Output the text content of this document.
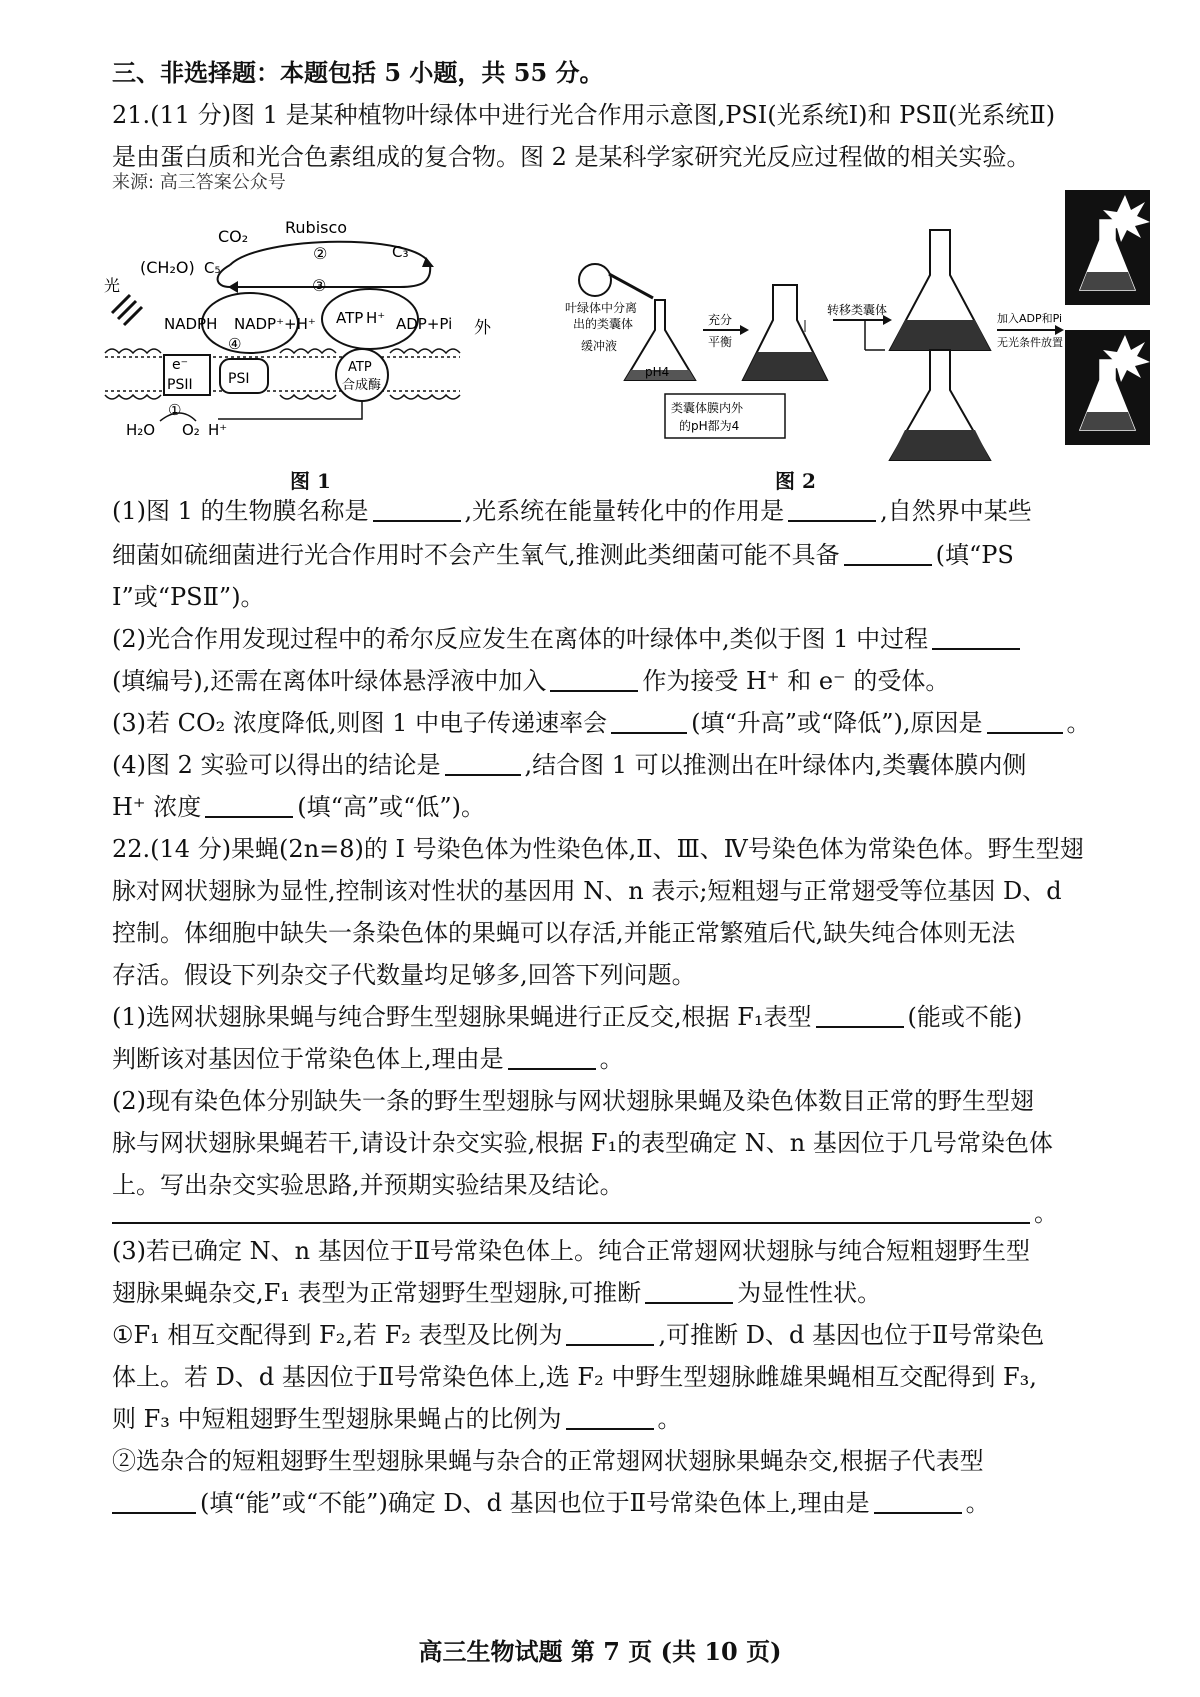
三、非选择题：本题包括 5 小题，共 55 分。
21.(11 分)图 1 是某种植物叶绿体中进行光合作用示意图,PSI(光系统Ⅰ)和 PSⅡ(光系统Ⅱ)
是由蛋白质和光合色素组成的复合物。图 2 是某科学家研究光反应过程做的相关实验。
来源: 高三答案公众号
CO₂ Rubisco
②
(CH₂O) C₅
C₃
③
光
NADPH NADP⁺+H⁺ ATP H⁺ ADP+Pi 外
④
e⁻
PSII	PSI
ATP
合成酶
H₂O O₂ H⁺
①
图 1
叶绿体中分离
出的类囊体
缓冲液
pH4
充分
平衡
转移类囊体
类囊体膜内外
的pH都为4
加入ADP和Pi
无光条件放置
图 2
(1)图 1 的生物膜名称是	,光系统在能量转化中的作用是	,自然界中某些
细菌如硫细菌进行光合作用时不会产生氧气,推测此类细菌可能不具备	(填“PS
Ⅰ”或“PSⅡ”)。
(2)光合作用发现过程中的希尔反应发生在离体的叶绿体中,类似于图 1 中过程
(填编号),还需在离体叶绿体悬浮液中加入	作为接受 H⁺ 和 e⁻ 的受体。
(3)若 CO₂ 浓度降低,则图 1 中电子传递速率会	(填“升高”或“降低”),原因是	。
(4)图 2 实验可以得出的结论是	,结合图 1 可以推测出在叶绿体内,类囊体膜内侧
H⁺ 浓度	(填“高”或“低”)。
22.(14 分)果蝇(2n=8)的 Ⅰ 号染色体为性染色体,Ⅱ、Ⅲ、Ⅳ号染色体为常染色体。野生型翅
脉对网状翅脉为显性,控制该对性状的基因用 N、n 表示;短粗翅与正常翅受等位基因 D、d
控制。体细胞中缺失一条染色体的果蝇可以存活,并能正常繁殖后代,缺失纯合体则无法
存活。假设下列杂交子代数量均足够多,回答下列问题。
(1)选网状翅脉果蝇与纯合野生型翅脉果蝇进行正反交,根据 F₁表型	(能或不能)
判断该对基因位于常染色体上,理由是	。
(2)现有染色体分别缺失一条的野生型翅脉与网状翅脉果蝇及染色体数目正常的野生型翅
脉与网状翅脉果蝇若干,请设计杂交实验,根据 F₁的表型确定 N、n 基因位于几号常染色体
上。写出杂交实验思路,并预期实验结果及结论。
。
(3)若已确定 N、n 基因位于Ⅱ号常染色体上。纯合正常翅网状翅脉与纯合短粗翅野生型
翅脉果蝇杂交,F₁ 表型为正常翅野生型翅脉,可推断	为显性性状。
①F₁ 相互交配得到 F₂,若 F₂ 表型及比例为	,可推断 D、d 基因也位于Ⅱ号常染色
体上。若 D、d 基因位于Ⅱ号常染色体上,选 F₂ 中野生型翅脉雌雄果蝇相互交配得到 F₃,
则 F₃ 中短粗翅野生型翅脉果蝇占的比例为	。
②选杂合的短粗翅野生型翅脉果蝇与杂合的正常翅网状翅脉果蝇杂交,根据子代表型
(填“能”或“不能”)确定 D、d 基因也位于Ⅱ号常染色体上,理由是	。
高三生物试题 第 7 页 (共 10 页)
